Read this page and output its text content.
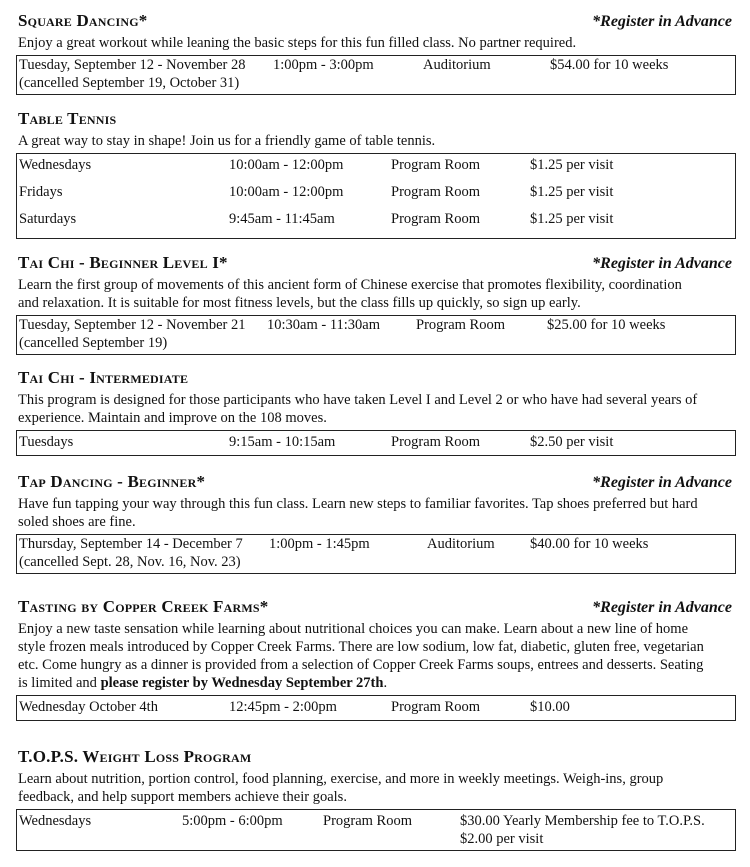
Square Dancing*	*Register in Advance

Enjoy a great workout while leaning the basic steps for this fun filled class. No partner required.

Tuesday, September 12 - November 28 1:00pm - 3:00pm	Auditorium	$54.00 for 10 weeks
(cancelled September 19, October 31)
Table Tennis

A great way to stay in shape! Join us for a friendly game of table tennis.

Wednesdays	10:00am - 12:00pm	Program Room	$1.25 per visit
Fridays	10:00am - 12:00pm	Program Room	$1.25 per visit
Saturdays	9:45am - 11:45am	Program Room	$1.25 per visit
Tai Chi - Beginner Level I*	*Register in Advance

Learn the first group of movements of this ancient form of Chinese exercise that promotes flexibility, coordination

and relaxation. It is suitable for most fitness levels, but the class fills up quickly, so sign up early.

Tuesday, September 12 - November 21 10:30am - 11:30am Program Room	$25.00 for 10 weeks
(cancelled September 19)
Tai Chi - Intermediate

This program is designed for those participants who have taken Level I and Level 2 or who have had several years of

experience. Maintain and improve on the 108 moves.

Tuesdays	9:15am - 10:15am	Program Room	$2.50 per visit
Tap Dancing - Beginner*	*Register in Advance

Have fun tapping your way through this fun class. Learn new steps to familiar favorites. Tap shoes preferred but hard

soled shoes are fine.

Thursday, September 14 - December 7 1:00pm - 1:45pm	Auditorium $40.00 for 10 weeks
(cancelled Sept. 28, Nov. 16, Nov. 23)
Tasting by Copper Creek Farms*	*Register in Advance

Enjoy a new taste sensation while learning about nutritional choices you can make. Learn about a new line of home

style frozen meals introduced by Copper Creek Farms. There are low sodium, low fat, diabetic, gluten free, vegetarian

etc. Come hungry as a dinner is provided from a selection of Copper Creek Farms soups, entrees and desserts. Seating

is limited and please register by Wednesday September 27th.

Wednesday October 4th	12:45pm - 2:00pm	Program Room	$10.00
T.O.P.S. Weight Loss Program

Learn about nutrition, portion control, food planning, exercise, and more in weekly meetings. Weigh-ins, group

feedback, and help support members achieve their goals.

Wednesdays	5:00pm - 6:00pm	Program Room	$30.00 Yearly Membership fee to T.O.P.S.
$2.00 per visit
